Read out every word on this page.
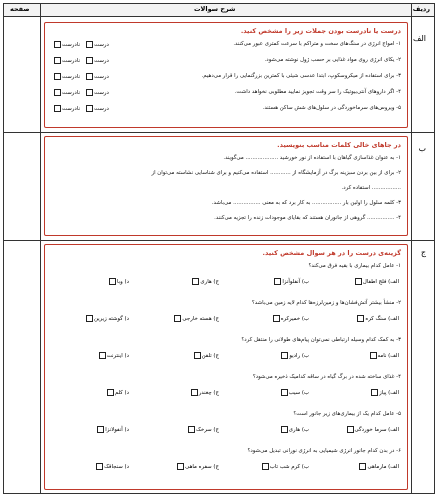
ردیف
شرح سوالات
صفحه
الف
ب
ج
درست یا نادرست بودن جملات زیر را مشخص کنید.
۱- امواج انرژی در سنگ‌های سخت و متراکم با سرعت کمتری عبور می‌کنند.
درست   نادرست
۲- یکای انرژی روی مواد غذایی بر حسب ژول نوشته می‌شود.
درست   نادرست
۳- برای استفاده از میکروسکوپ، ابتدا عدسی شیئی با کمترین بزرگنمایی را قرار می‌دهیم.
درست   نادرست
۴- اگر داروهای آنتی‌بیوتیک را سر وقت تجویز نمایید مطلوبی نخواهد داشت.
درست   نادرست
۵- ویروس‌های سرماخوردگی در سلول‌های شش ساکن هستند.
درست   نادرست
در جاهای خالی کلمات مناسب بنویسید.
۱- به عنوان غذاسازی گیاهان با استفاده از نور خورشید ................... می‌گویند.
۲- برای از بین بردن سبزینه برگ در آزمایشگاه از ............ استفاده می‌کنیم و برای شناسایی نشاسته می‌توان از
................. استفاده کرد.
۳- کلمه سلول را اولین بار ................. به کار برد که به معنی ................ می‌باشد.
۴- ................ گروهی از جانوران هستند که بقایای موجودات زنده را تجزیه می‌کنند.
گزینه‌ی درست را در هر سوال مشخص کنید.
۱- عامل کدام بیماری با بقیه فرق می‌کند؟
الف) فلج اطفال
ب) آنفلوآنزا
ج) هاری
د) وبا
۲- منشأ بیشتر آتش‌فشان‌ها و زمین‌لرزه‌ها کدام لایه زمین می‌باشد؟
الف) سنگ کره
ب) خمیرکره
ج) هسته خارجی
د) گوشته زیرین
۳- به کمک کدام وسیله ارتباطی نمی‌توان پیام‌های طولانی را منتقل کرد؟
الف) نامه
ب) رادیو
ج) تلفن
د) اینترنت
۴- غذای ساخته شده در برگ گیاه در ساقه کدامیک ذخیره می‌شود؟
الف) پیاز
ب) سیب
ج) چغندر
د) کلم
۵- عامل کدام یک از بیماری‌های زیر جانور است؟
الف) سرما خوردگی
ب) هاری
ج) سرخک
د) آنفولانزا
۶- در بدن کدام جانور انرژی شیمیایی به انرژی نورانی تبدیل می‌شود؟
الف) مارماهی
ب) کرم شب تاب
ج) سفره ماهی
د) سنجاقک
